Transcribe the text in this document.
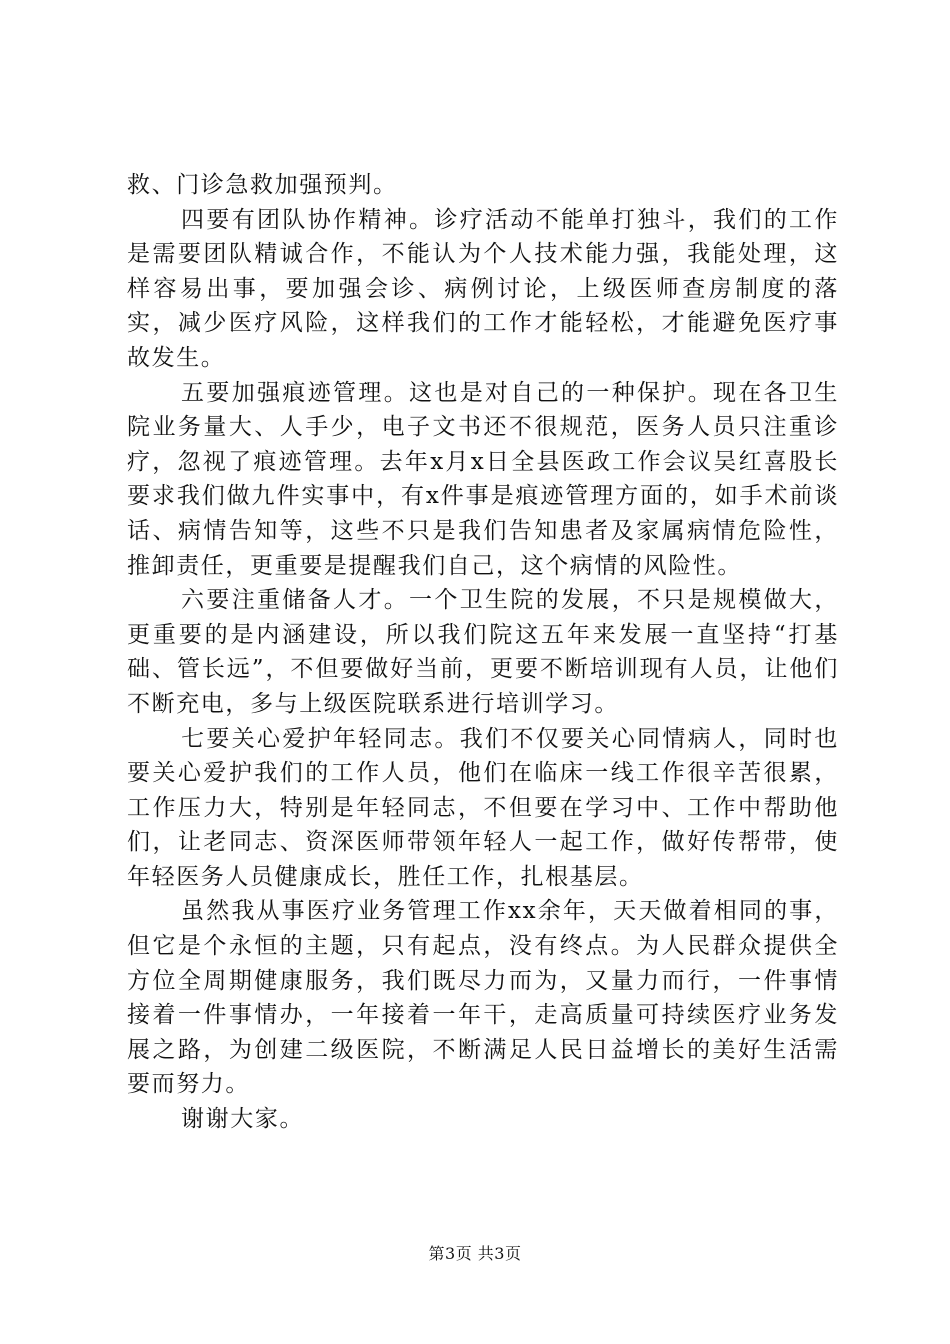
救、门诊急救加强预判。

四要有团队协作精神。诊疗活动不能单打独斗，我们的工作是需要团队精诚合作，不能认为个人技术能力强，我能处理，这样容易出事，要加强会诊、病例讨论，上级医师查房制度的落实，减少医疗风险，这样我们的工作才能轻松，才能避免医疗事故发生。

五要加强痕迹管理。这也是对自己的一种保护。现在各卫生院业务量大、人手少，电子文书还不很规范，医务人员只注重诊疗，忽视了痕迹管理。去年x月x日全县医政工作会议吴红喜股长要求我们做九件实事中，有x件事是痕迹管理方面的，如手术前谈话、病情告知等，这些不只是我们告知患者及家属病情危险性，推卸责任，更重要是提醒我们自己，这个病情的风险性。

六要注重储备人才。一个卫生院的发展，不只是规模做大，更重要的是内涵建设，所以我们院这五年来发展一直坚持“打基础、管长远”，不但要做好当前，更要不断培训现有人员，让他们不断充电，多与上级医院联系进行培训学习。

七要关心爱护年轻同志。我们不仅要关心同情病人，同时也要关心爱护我们的工作人员，他们在临床一线工作很辛苦很累，工作压力大，特别是年轻同志，不但要在学习中、工作中帮助他们，让老同志、资深医师带领年轻人一起工作，做好传帮带，使年轻医务人员健康成长，胜任工作，扎根基层。

虽然我从事医疗业务管理工作xx余年，天天做着相同的事，但它是个永恒的主题，只有起点，没有终点。为人民群众提供全方位全周期健康服务，我们既尽力而为，又量力而行，一件事情接着一件事情办，一年接着一年干，走高质量可持续医疗业务发展之路，为创建二级医院，不断满足人民日益增长的美好生活需要而努力。

谢谢大家。

第3页 共3页
